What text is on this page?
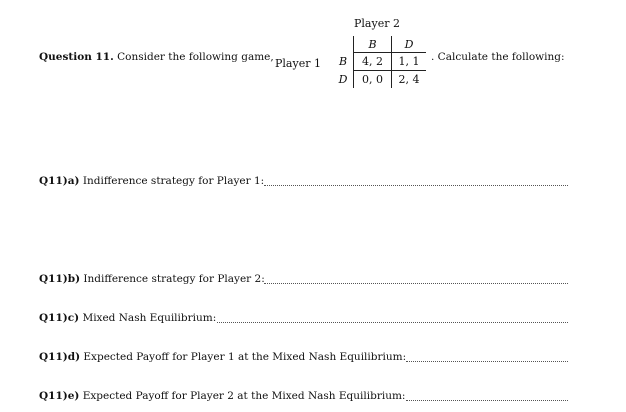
Question 11. Consider the following game,
Player 2
Player 1
	B	D
B	4, 2	1, 1
D	0, 0	2, 4
. Calculate the following:
Q11)a) Indifference strategy for Player 1:
Q11)b) Indifference strategy for Player 2:
Q11)c) Mixed Nash Equilibrium:
Q11)d) Expected Payoff for Player 1 at the Mixed Nash Equilibrium:
Q11)e) Expected Payoff for Player 2 at the Mixed Nash Equilibrium:
